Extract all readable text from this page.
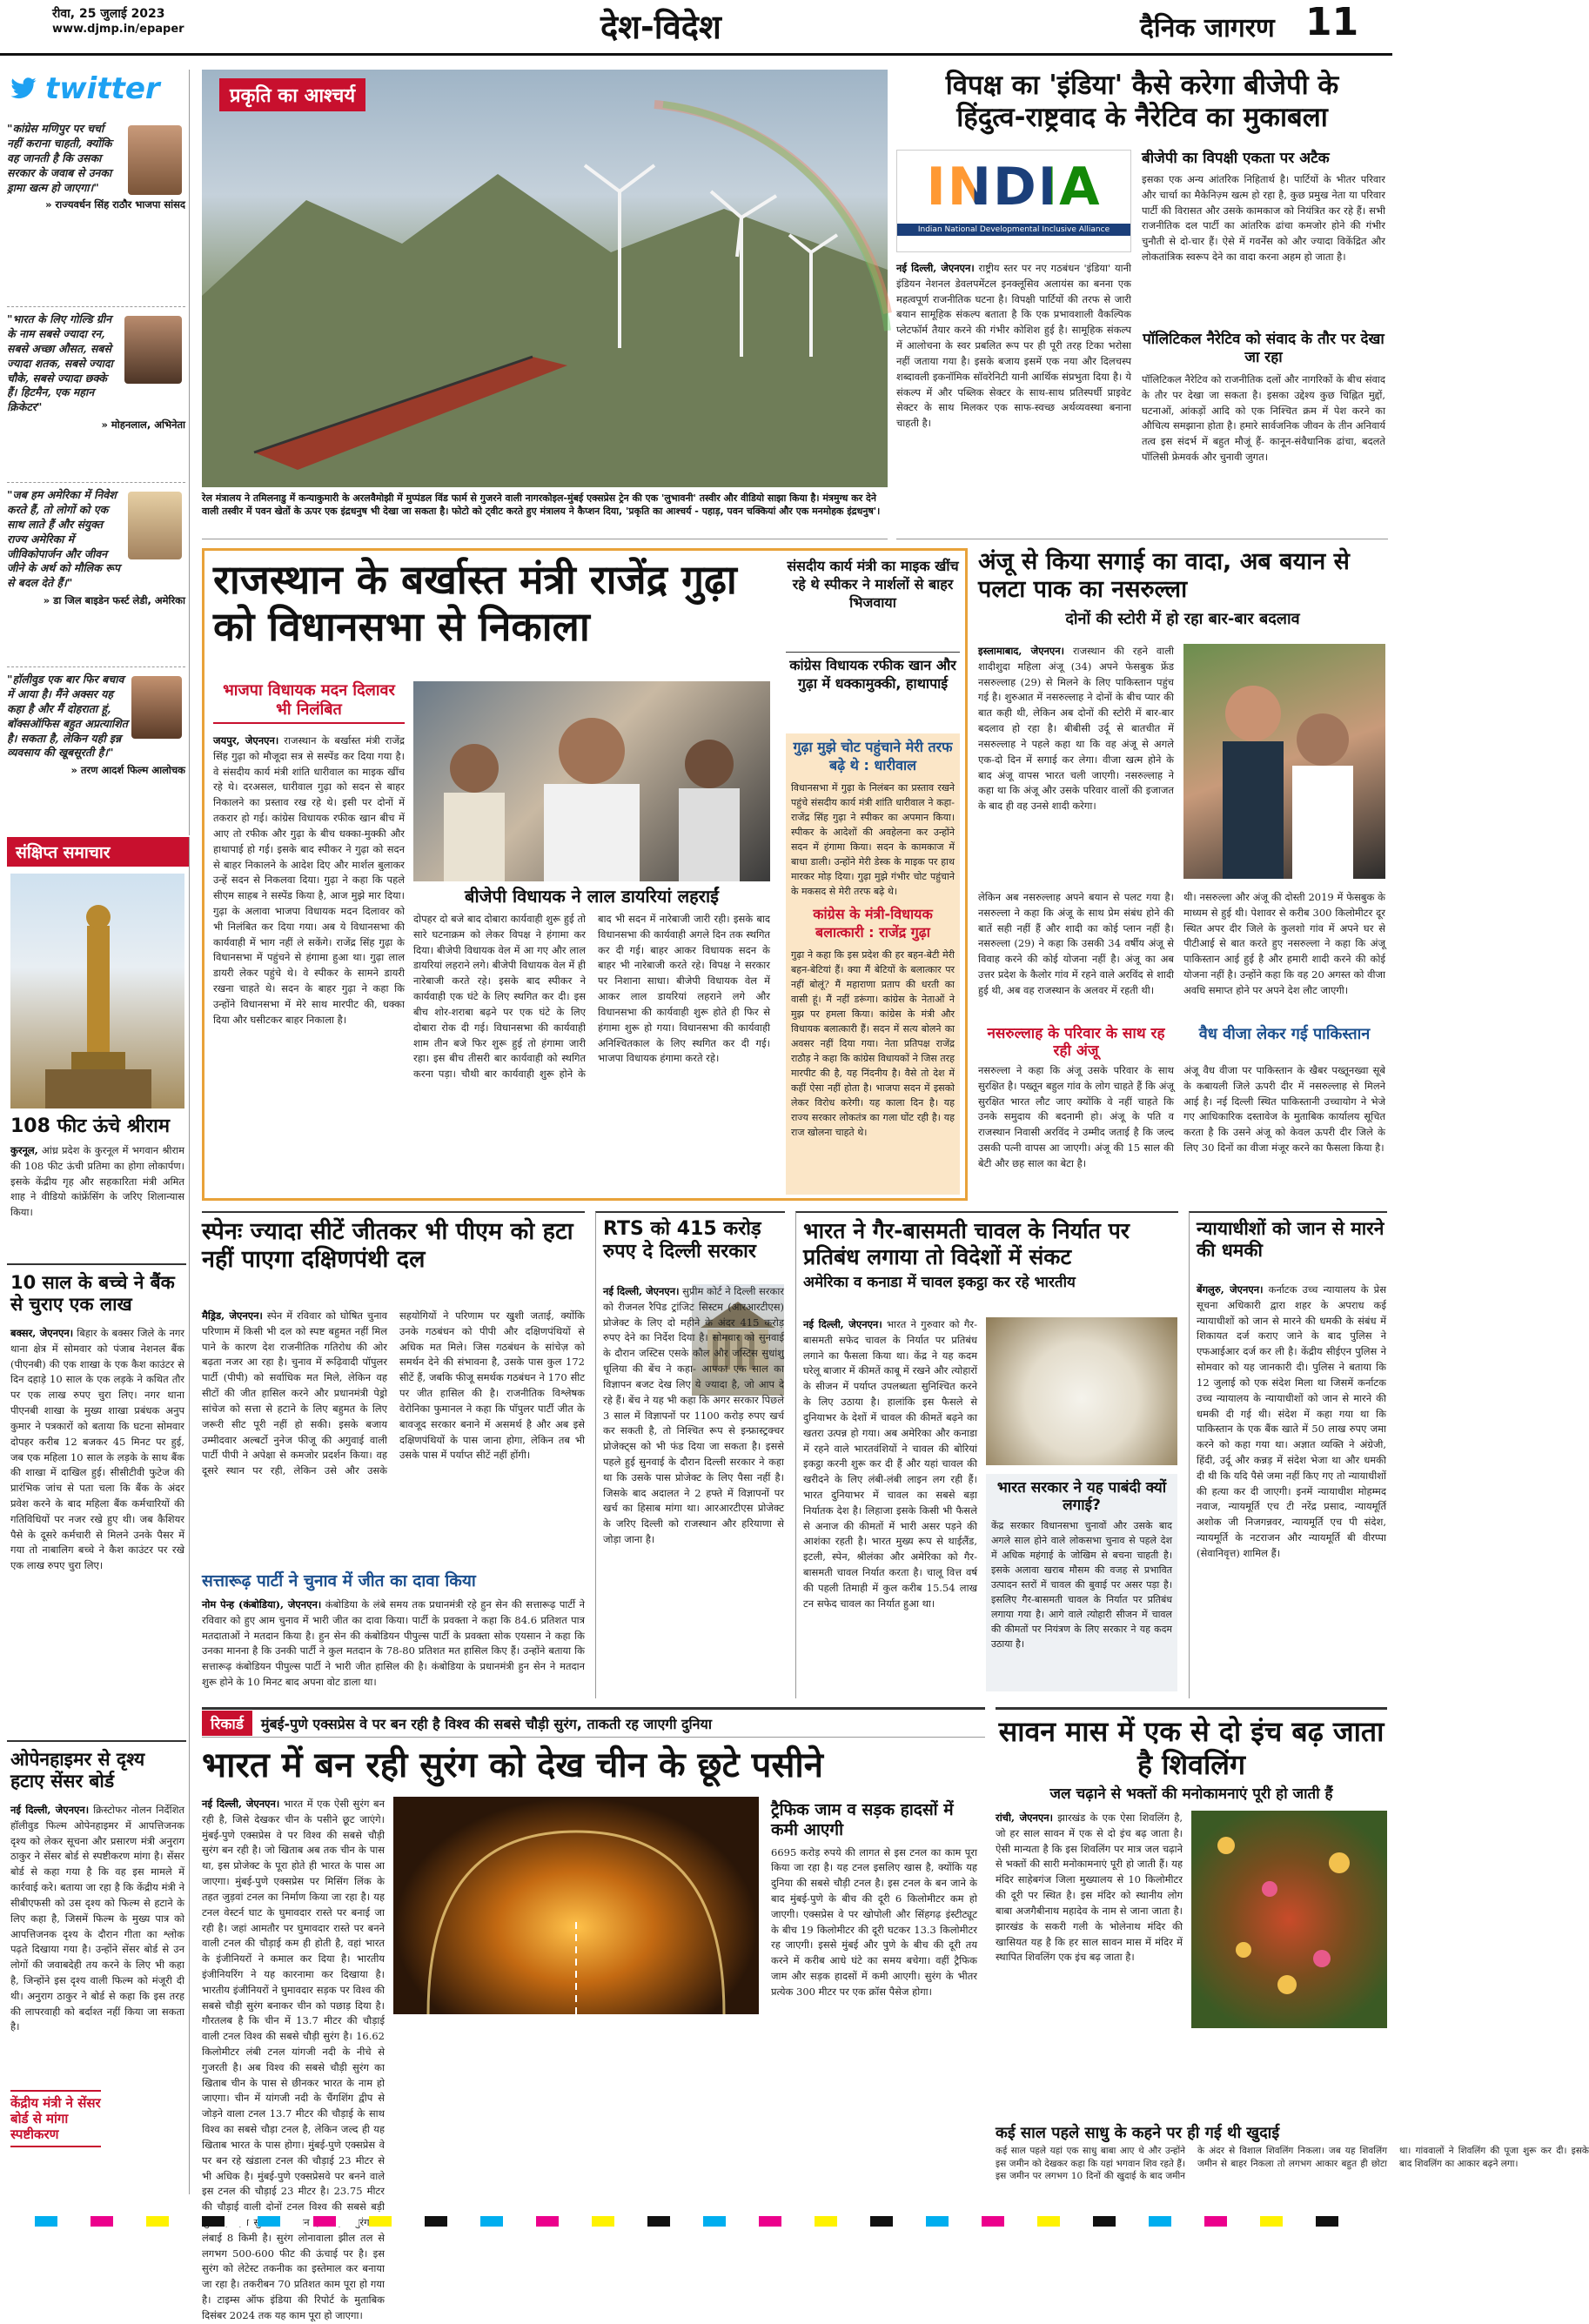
रीवा, 25 जुलाई 2023
www.djmp.in/epaper	देश-विदेश	दैनिक जागरण 11
twitter
"कांग्रेस मणिपुर पर चर्चा नहीं कराना चाहती, क्योंकि वह जानती है कि उसका सरकार के जवाब से उनका ड्रामा खत्म हो जाएगा।"
» राज्यवर्धन सिंह राठौर भाजपा सांसद
"भारत के लिए गोल्डि ग्रीन के नाम सबसे ज्यादा रन, सबसे अच्छा औसत, सबसे ज्यादा शतक, सबसे ज्यादा चौके, सबसे ज्यादा छक्के हैं। हिटमैन, एक महान क्रिकेटर"
» मोहनलाल, अभिनेता
"जब हम अमेरिका में निवेश करते हैं, तो लोगों को एक साथ लाते हैं और संयुक्त राज्य अमेरिका में जीविकोपार्जन और जीवन जीने के अर्थ को मौलिक रूप से बदल देते हैं।"
» डा जिल बाइडेन फर्स्ट लेडी, अमेरिका
"हॉलीवुड एक बार फिर बचाव में आया है। मैंने अक्सर यह कहा है और मैं दोहराता हूं, बॉक्सऑफिस बहुत अप्रत्याशित है। सकता है, लेकिन यही इन्न व्यवसाय की खूबसूरती है।"
» तरण आदर्श फिल्म आलोचक
संक्षिप्त समाचार
108 फीट ऊंचे श्रीराम
कुरनूल, आंध्र प्रदेश के कुरनूल में भगवान श्रीराम की 108 फीट ऊंची प्रतिमा का होगा लोकार्पण। इसके केंद्रीय गृह और सहकारिता मंत्री अमित शाह ने वीडियो कांफ्रेंसिंग के जरिए शिलान्यास किया।
10 साल के बच्चे ने बैंक से चुराए एक लाख
बक्सर, जेएनएन। बिहार के बक्सर जिले के नगर थाना क्षेत्र में सोमवार को पंजाब नेशनल बैंक (पीएनबी) की एक शाखा के एक कैश काउंटर से दिन दहाड़े 10 साल के एक लड़के ने कथित तौर पर एक लाख रुपए चुरा लिए। नगर थाना पीएनबी शाखा के मुख्य शाखा प्रबंधक अनुप कुमार ने पत्रकारों को बताया कि घटना सोमवार दोपहर करीब 12 बजकर 45 मिनट पर हुई, जब एक महिला 10 साल के लड़के के साथ बैंक की शाखा में दाखिल हुई। सीसीटीवी फुटेज की प्रारंभिक जांच से पता चला कि बैंक के अंदर प्रवेश करने के बाद महिला बैंक कर्मचारियों की गतिविधियों पर नजर रखे हुए थी। जब कैशियर पैसे के दूसरे कर्मचारी से मिलने उनके पैसर में गया तो नाबालिग बच्चे ने कैश काउंटर पर रखे एक लाख रुपए चुरा लिए।
ओपेनहाइमर से दृश्य हटाए सेंसर बोर्ड
नई दिल्ली, जेएनएन। क्रिस्टोफर नोलन निर्देशित हॉलीवुड फिल्म ओपेनहाइमर में आपत्तिजनक दृश्य को लेकर सूचना और प्रसारण मंत्री अनुराग ठाकुर ने सेंसर बोर्ड से स्पष्टीकरण मांगा है। सेंसर बोर्ड से कहा गया है कि वह इस मामले में कार्रवाई करे। बताया जा रहा है कि केंद्रीय मंत्री ने सीबीएफसी को उस दृश्य को फिल्म से हटाने के लिए कहा है, जिसमें फिल्म के मुख्य पात्र को आपत्तिजनक दृश्य के दौरान गीता का श्लोक पढ़ते दिखाया गया है। उन्होंने सेंसर बोर्ड से उन लोगों की जवाबदेही तय करने के लिए भी कहा है, जिन्होंने इस दृश्य वाली फिल्म को मंजूरी दी थी। अनुराग ठाकुर ने बोर्ड से कहा कि इस तरह की लापरवाही को बर्दाश्त नहीं किया जा सकता है।
केंद्रीय मंत्री ने सेंसर बोर्ड से मांगा स्पष्टीकरण
प्रकृति का आश्चर्य
रेल मंत्रालय ने तमिलनाडु में कन्याकुमारी के अरलवैमोझी में मुप्पंडल विंड फार्म से गुजरने वाली नागरकोइल-मुंबई एक्सप्रेस ट्रेन की एक 'लुभावनी' तस्वीर और वीडियो साझा किया है। मंत्रमुग्ध कर देने वाली तस्वीर में पवन खेतों के ऊपर एक इंद्रधनुष भी देखा जा सकता है। फोटो को ट्वीट करते हुए मंत्रालय ने कैप्शन दिया, 'प्रकृति का आश्चर्य - पहाड़, पवन चक्कियां और एक मनमोहक इंद्रधनुष'।
विपक्ष का 'इंडिया' कैसे करेगा बीजेपी के
हिंदुत्व-राष्ट्रवाद के नैरेटिव का मुकाबला
INDIA
Indian National Developmental Inclusive Alliance
नई दिल्ली, जेएनएन। राष्ट्रीय स्तर पर नए गठबंधन 'इंडिया' यानी इंडियन नेशनल डेवलपमेंटल इनक्लूसिव अलायंस का बनना एक महत्वपूर्ण राजनीतिक घटना है। विपक्षी पार्टियों की तरफ से जारी बयान सामूहिक संकल्प बताता है कि एक प्रभावशाली वैकल्पिक प्लेटफॉर्म तैयार करने की गंभीर कोशिश हुई है। सामूहिक संकल्प में आलोचना के स्वर प्रबलित रूप पर ही पूरी तरह टिका भरोसा नहीं जताया गया है। इसके बजाय इसमें एक नया और दिलचस्प शब्दावली इकनॉमिक सॉवरेनिटी यानी आर्थिक संप्रभुता दिया है। ये संकल्प में और पब्लिक सेक्टर के साथ-साथ प्रतिस्पर्धी प्राइवेट सेक्टर के साथ मिलकर एक साफ-स्वच्छ अर्थव्यवस्था बनाना चाहती है।
बीजेपी का विपक्षी एकता पर अटैक
इसका एक अन्य आंतरिक निहितार्थ है। पार्टियों के भीतर परिवार और चार्चा का मैकेनिज़्म खत्म हो रहा है, कुछ प्रमुख नेता या परिवार पार्टी की विरासत और उसके कामकाज को नियंत्रित कर रहे हैं। सभी राजनीतिक दल पार्टी का आंतरिक ढांचा कमजोर होने की गंभीर चुनौती से दो-चार हैं। ऐसे में गवर्नेंस को और ज्यादा विकेंद्रित और लोकतांत्रिक स्वरूप देने का वादा करना अहम हो जाता है।
पॉलिटिकल नैरेटिव को संवाद के तौर पर देखा जा रहा
पॉलिटिकल नैरेटिव को राजनीतिक दलों और नागरिकों के बीच संवाद के तौर पर देखा जा सकता है। इसका उद्देश्य कुछ चिह्नित मुद्दों, घटनाओं, आंकड़ों आदि को एक निश्चित क्रम में पेश करने का औचित्य समझाना होता है। हमारे सार्वजनिक जीवन के तीन अनिवार्य तत्व इस संदर्भ में बहुत मौजूं हैं- कानून-संवैधानिक ढांचा, बदलते पॉलिसी फ्रेमवर्क और चुनावी जुगत।
राजस्थान के बर्खास्त मंत्री राजेंद्र गुढ़ा को विधानसभा से निकाला
भाजपा विधायक मदन दिलावर भी निलंबित
जयपुर, जेएनएन। राजस्थान के बर्खास्त मंत्री राजेंद्र सिंह गुढ़ा को मौजूदा सत्र से सस्पेंड कर दिया गया है। वे संसदीय कार्य मंत्री शांति धारीवाल का माइक खींच रहे थे। दरअसल, धारीवाल गुढ़ा को सदन से बाहर निकालने का प्रस्ताव रख रहे थे। इसी पर दोनों में तकरार हो गई। कांग्रेस विधायक रफीक खान बीच में आए तो रफीक और गुढ़ा के बीच धक्का-मुक्की और हाथापाई हो गई। इसके बाद स्पीकर ने गुढ़ा को सदन से बाहर निकालने के आदेश दिए और मार्शल बुलाकर उन्हें सदन से निकलवा दिया। गुढ़ा ने कहा कि पहले सीएम साहब ने सस्पेंड किया है, आज मुझे मार दिया। गुढ़ा के अलावा भाजपा विधायक मदन दिलावर को भी निलंबित कर दिया गया। अब ये विधानसभा की कार्यवाही में भाग नहीं ले सकेंगे। राजेंद्र सिंह गुढ़ा के विधानसभा में पहुंचने से हंगामा हुआ था। गुढ़ा लाल डायरी लेकर पहुंचे थे। वे स्पीकर के सामने डायरी रखना चाहते थे। सदन के बाहर गुढ़ा ने कहा कि उन्होंने विधानसभा में मेरे साथ मारपीट की, धक्का दिया और घसीटकर बाहर निकाला है।
बीजेपी विधायक ने लाल डायरियां लहराईं
दोपहर दो बजे बाद दोबारा कार्यवाही शुरू हुई तो सारे घटनाक्रम को लेकर विपक्ष ने हंगामा कर दिया। बीजेपी विधायक वेल में आ गए और लाल डायरियां लहराने लगे। बीजेपी विधायक वेल में ही नारेबाजी करते रहे। इसके बाद स्पीकर ने कार्यवाही एक घंटे के लिए स्थगित कर दी। इस बीच शोर-शराबा बढ़ने पर एक घंटे के लिए दोबारा रोक दी गई। विधानसभा की कार्यवाही शाम तीन बजे फिर शुरू हुई तो हंगामा जारी रहा। इस बीच तीसरी बार कार्यवाही को स्थगित करना पड़ा। चौथी बार कार्यवाही शुरू होने के बाद भी सदन में नारेबाजी जारी रही। इसके बाद विधानसभा की कार्यवाही अगले दिन तक स्थगित कर दी गई। बाहर आकर विधायक सदन के बाहर भी नारेबाजी करते रहे। विपक्ष ने सरकार पर निशाना साधा। बीजेपी विधायक वेल में आकर लाल डायरियां लहराने लगे और विधानसभा की कार्यवाही शुरू होते ही फिर से हंगामा शुरू हो गया। विधानसभा की कार्यवाही अनिश्चितकाल के लिए स्थगित कर दी गई। भाजपा विधायक हंगामा करते रहे।
संसदीय कार्य मंत्री का माइक खींच रहे थे स्पीकर ने मार्शलों से बाहर भिजवाया
कांग्रेस विधायक रफीक खान और गुढ़ा में धक्कामुक्की, हाथापाई
गुढ़ा मुझे चोट पहुंचाने मेरी तरफ बढ़े थे : धारीवाल
विधानसभा में गुढ़ा के निलंबन का प्रस्ताव रखने पहुंचे संसदीय कार्य मंत्री शांति धारीवाल ने कहा- राजेंद्र सिंह गुढ़ा ने स्पीकर का अपमान किया। स्पीकर के आदेशों की अवहेलना कर उन्होंने सदन में हंगामा किया। सदन के कामकाज में बाधा डाली। उन्होंने मेरी डेस्क के माइक पर हाथ मारकर मोड़ दिया। गुढ़ा मुझे गंभीर चोट पहुंचाने के मकसद से मेरी तरफ बढ़े थे।
कांग्रेस के मंत्री-विधायक बलात्कारी : राजेंद्र गुढ़ा
गुढ़ा ने कहा कि इस प्रदेश की हर बहन-बेटी मेरी बहन-बेटियां हैं। क्या मैं बेटियों के बलात्कार पर नहीं बोलूं? मैं महाराणा प्रताप की धरती का वासी हूं। मैं नहीं डरूंगा। कांग्रेस के नेताओं ने मुझ पर हमला किया। कांग्रेस के मंत्री और विधायक बलात्कारी हैं। सदन में सत्य बोलने का अवसर नहीं दिया गया। नेता प्रतिपक्ष राजेंद्र राठौड़ ने कहा कि कांग्रेस विधायकों ने जिस तरह मारपीट की है, यह निंदनीय है। वैसे तो देश में कहीं ऐसा नहीं होता है। भाजपा सदन में इसको लेकर विरोध करेगी। यह काला दिन है। यह राज्य सरकार लोकतंत्र का गला घोंट रही है। यह राज खोलना चाहते थे।
अंजू से किया सगाई का वादा, अब बयान से पलटा पाक का नसरुल्ला
दोनों की स्टोरी में हो रहा बार-बार बदलाव
इस्लामाबाद, जेएनएन। राजस्थान की रहने वाली शादीशुदा महिला अंजू (34) अपने फेसबुक फ्रेंड नसरुल्लाह (29) से मिलने के लिए पाकिस्तान पहुंच गई है। शुरुआत में नसरुल्लाह ने दोनों के बीच प्यार की बात कही थी, लेकिन अब दोनों की स्टोरी में बार-बार बदलाव हो रहा है। बीबीसी उर्दू से बातचीत में नसरुल्लाह ने पहले कहा था कि वह अंजू से अगले एक-दो दिन में सगाई कर लेगा। वीजा खत्म होने के बाद अंजू वापस भारत चली जाएगी। नसरुल्लाह ने कहा था कि अंजू और उसके परिवार वालों की इजाजत के बाद ही वह उनसे शादी करेगा।
लेकिन अब नसरुल्लाह अपने बयान से पलट गया है। नसरुल्ला ने कहा कि अंजू के साथ प्रेम संबंध होने की बातें सही नहीं हैं और शादी का कोई प्लान नहीं है। नसरुल्ला (29) ने कहा कि उसकी 34 वर्षीय अंजू से विवाह करने की कोई योजना नहीं है। अंजू का अब उत्तर प्रदेश के कैलोर गांव में रहने वाले अरविंद से शादी हुई थी, अब वह राजस्थान के अलवर में रहती थी।
थी। नसरुल्ला और अंजू की दोस्ती 2019 में फेसबुक के माध्यम से हुई थी। पेशावर से करीब 300 किलोमीटर दूर स्थित अपर दीर जिले के कुलशो गांव में अपने घर से पीटीआई से बात करते हुए नसरुल्ला ने कहा कि अंजू पाकिस्तान आई हुई है और हमारी शादी करने की कोई योजना नहीं है। उन्होंने कहा कि वह 20 अगस्त को वीजा अवधि समाप्त होने पर अपने देश लौट जाएगी।
नसरुल्लाह के परिवार के साथ रह रही अंजू
नसरुल्ला ने कहा कि अंजू उसके परिवार के साथ सुरक्षित है। पख्तून बहुल गांव के लोग चाहते हैं कि अंजू सुरक्षित भारत लौट जाए क्योंकि वे नहीं चाहते कि उनके समुदाय की बदनामी हो। अंजू के पति व राजस्थान निवासी अरविंद ने उम्मीद जताई है कि जल्द उसकी पत्नी वापस आ जाएगी। अंजू की 15 साल की बेटी और छह साल का बेटा है।
वैध वीजा लेकर गई पाकिस्तान
अंजू वैध वीजा पर पाकिस्तान के खैबर पख्तूनख्वा सूबे के कबायली जिले ऊपरी दीर में नसरुल्लाह से मिलने आई है। नई दिल्ली स्थित पाकिस्तानी उच्चायोग ने भेजे गए आधिकारिक दस्तावेज के मुताबिक कार्यालय सूचित करता है कि उसने अंजू को केवल ऊपरी दीर जिले के लिए 30 दिनों का वीजा मंजूर करने का फैसला किया है।
स्पेनः ज्यादा सीटें जीतकर भी पीएम को हटा नहीं पाएगा दक्षिणपंथी दल
मैड्रिड, जेएनएन। स्पेन में रविवार को घोषित चुनाव परिणाम में किसी भी दल को स्पष्ट बहुमत नहीं मिल पाने के कारण देश राजनीतिक गतिरोध की ओर बढ़ता नजर आ रहा है। चुनाव में रूढ़िवादी पॉपुलर पार्टी (पीपी) को सर्वाधिक मत मिले, लेकिन वह सीटों की जीत हासिल करने और प्रधानमंत्री पेड्रो सांचेज को सत्ता से हटाने के लिए बहुमत के लिए जरूरी सीट पूरी नहीं हो सकी। इसके बजाय उम्मीदवार अल्बर्टो नुनेज फीजू की अगुवाई वाली पार्टी पीपी ने अपेक्षा से कमजोर प्रदर्शन किया। वह दूसरे स्थान पर रही, लेकिन उसे और उसके सहयोगियों ने परिणाम पर खुशी जताई, क्योंकि उनके गठबंधन को पीपी और दक्षिणपंथियों से अधिक मत मिले। जिस गठबंधन के सांचेज़ को समर्थन देने की संभावना है, उसके पास कुल 172 सीटें हैं, जबकि फीजू समर्थक गठबंधन ने 170 सीट पर जीत हासिल की है। राजनीतिक विश्लेषक वेरोनिका फुमानल ने कहा कि पॉपुलर पार्टी जीत के बावजूद सरकार बनाने में असमर्थ है और अब इसे दक्षिणपंथियों के पास जाना होगा, लेकिन तब भी उसके पास में पर्याप्त सीटें नहीं होंगी।
सत्तारूढ़ पार्टी ने चुनाव में जीत का दावा किया
नोम पेन्ह (कंबोडिया), जेएनएन। कंबोडिया के लंबे समय तक प्रधानमंत्री रहे हुन सेन की सत्तारूढ़ पार्टी ने रविवार को हुए आम चुनाव में भारी जीत का दावा किया। पार्टी के प्रवक्ता ने कहा कि 84.6 प्रतिशत पात्र मतदाताओं ने मतदान किया है। हुन सेन की कंबोडियन पीपुल्स पार्टी के प्रवक्ता सोक एयसान ने कहा कि उनका मानना है कि उनकी पार्टी ने कुल मतदान के 78-80 प्रतिशत मत हासिल किए हैं। उन्होंने बताया कि सत्तारूढ़ कंबोडियन पीपुल्स पार्टी ने भारी जीत हासिल की है। कंबोडिया के प्रधानमंत्री हुन सेन ने मतदान शुरू होने के 10 मिनट बाद अपना वोट डाला था।
RTS को 415 करोड़ रुपए दे दिल्ली सरकार
नई दिल्ली, जेएनएन। सुप्रीम कोर्ट ने दिल्ली सरकार को रीजनल रैपिड ट्रांजिट सिस्टम (आरआरटीएस) प्रोजेक्ट के लिए दो महीने के अंदर 415 करोड़ रुपए देने का निर्देश दिया है। सोमवार को सुनवाई के दौरान जस्टिस एसके कौल और जस्टिस सुधांशु धूलिया की बेंच ने कहा- आपका एक साल का विज्ञापन बजट देख लिए ये ज्यादा है, जो आप दे रहे हैं। बेंच ने यह भी कहा कि अगर सरकार पिछले 3 साल में विज्ञापनों पर 1100 करोड़ रुपए खर्च कर सकती है, तो निश्चित रूप से इन्फ्रास्ट्रक्चर प्रोजेक्ट्स को भी फंड दिया जा सकता है। इससे पहले हुई सुनवाई के दौरान दिल्ली सरकार ने कहा था कि उसके पास प्रोजेक्ट के लिए पैसा नहीं है। जिसके बाद अदालत ने 2 हफ्ते में विज्ञापनों पर खर्च का हिसाब मांगा था। आरआरटीएस प्रोजेक्ट के जरिए दिल्ली को राजस्थान और हरियाणा से जोड़ा जाना है।
भारत ने गैर-बासमती चावल के निर्यात पर प्रतिबंध लगाया तो विदेशों में संकट
अमेरिका व कनाडा में चावल इकट्ठा कर रहे भारतीय
नई दिल्ली, जेएनएन। भारत ने गुरुवार को गैर-बासमती सफेद चावल के निर्यात पर प्रतिबंध लगाने का फैसला किया था। केंद्र ने यह कदम घरेलू बाजार में कीमतें काबू में रखने और त्योहारों के सीजन में पर्याप्त उपलब्धता सुनिश्चित करने के लिए उठाया है। हालांकि इस फैसले से दुनियाभर के देशों में चावल की कीमतें बढ़ने का खतरा उत्पन्न हो गया। अब अमेरिका और कनाडा में रहने वाले भारतवंशियों ने चावल की बोरियां इकट्ठा करनी शुरू कर दी हैं और यहां चावल की खरीदने के लिए लंबी-लंबी लाइन लग रही हैं। भारत दुनियाभर में चावल का सबसे बड़ा निर्यातक देश है। लिहाजा इसके किसी भी फैसले से अनाज की कीमतों में भारी असर पड़ने की आशंका रहती है। भारत मुख्य रूप से थाईलैंड, इटली, स्पेन, श्रीलंका और अमेरिका को गैर-बासमती चावल निर्यात करता है। चालू वित्त वर्ष की पहली तिमाही में कुल करीब 15.54 लाख टन सफेद चावल का निर्यात हुआ था।
भारत सरकार ने यह पाबंदी क्यों लगाई?
केंद्र सरकार विधानसभा चुनावों और उसके बाद अगले साल होने वाले लोकसभा चुनाव से पहले देश में अधिक महंगाई के जोखिम से बचना चाहती है। इसके अलावा खराब मौसम की वजह से प्रभावित उत्पादन स्तरों में चावल की बुवाई पर असर पड़ा है। इसलिए गैर-बासमती चावल के निर्यात पर प्रतिबंध लगाया गया है। आगे वाले त्योहारी सीजन में चावल की कीमतों पर नियंत्रण के लिए सरकार ने यह कदम उठाया है।
न्यायाधीशों को जान से मारने की धमकी
बेंगलुरु, जेएनएन। कर्नाटक उच्च न्यायालय के प्रेस सूचना अधिकारी द्वारा शहर के अपराध कई न्यायाधीशों को जान से मारने की धमकी के संबंध में शिकायत दर्ज कराए जाने के बाद पुलिस ने एफआईआर दर्ज कर ली है। केंद्रीय सीईएन पुलिस ने सोमवार को यह जानकारी दी। पुलिस ने बताया कि 12 जुलाई को एक संदेश मिला था जिसमें कर्नाटक उच्च न्यायालय के न्यायाधीशों को जान से मारने की धमकी दी गई थी। संदेश में कहा गया था कि पाकिस्तान के एक बैंक खाते में 50 लाख रुपए जमा करने को कहा गया था। अज्ञात व्यक्ति ने अंग्रेजी, हिंदी, उर्दू और कन्नड़ में संदेश भेजा था और धमकी दी थी कि यदि पैसे जमा नहीं किए गए तो न्यायाधीशों की हत्या कर दी जाएगी। इनमें न्यायाधीश मोहम्मद नवाज, न्यायमूर्ति एच टी नरेंद्र प्रसाद, न्यायमूर्ति अशोक जी निजगन्नवर, न्यायमूर्ति एच पी संदेश, न्यायमूर्ति के नटराजन और न्यायमूर्ति बी वीरप्पा (सेवानिवृत्त) शामिल हैं।
रिकार्ड	मुंबई-पुणे एक्सप्रेस वे पर बन रही है विश्व की सबसे चौड़ी सुरंग, ताकती रह जाएगी दुनिया
भारत में बन रही सुरंग को देख चीन के छूटे पसीने
ट्रैफिक जाम व सड़क हादसों में कमी आएगी
6695 करोड़ रुपये की लागत से इस टनल का काम पूरा किया जा रहा है। यह टनल इसलिए खास है, क्योंकि यह दुनिया की सबसे चौड़ी टनल है। इस टनल के बन जाने के बाद मुंबई-पुणे के बीच की दूरी 6 किलोमीटर कम हो जाएगी। एक्सप्रेस वे पर खोपोली और सिंहगढ़ इंस्टीट्यूट के बीच 19 किलोमीटर की दूरी घटकर 13.3 किलोमीटर रह जाएगी। इससे मुंबई और पुणे के बीच की दूरी तय करने में करीब आधे घंटे का समय बचेगा। वहीं ट्रैफिक जाम और सड़क हादसों में कमी आएगी। सुरंग के भीतर प्रत्येक 300 मीटर पर एक क्रॉस पैसेज होगा।
नई दिल्ली, जेएनएन। भारत में एक ऐसी सुरंग बन रही है, जिसे देखकर चीन के पसीने छूट जाएंगे। मुंबई-पुणे एक्सप्रेस वे पर विश्व की सबसे चौड़ी सुरंग बन रही है। जो खिताब अब तक चीन के पास था, इस प्रोजेक्ट के पूरा होते ही भारत के पास आ जाएगा। मुंबई-पुणे एक्सप्रेस पर मिसिंग लिंक के तहत जुड़वां टनल का निर्माण किया जा रहा है। यह टनल वेस्टर्न घाट के घुमावदार रास्ते पर बनाई जा रही है। जहां आमतौर पर घुमावदार रास्ते पर बनने वाली टनल की चौड़ाई कम ही होती है, वहां भारत के इंजीनियरों ने कमाल कर दिया है। भारतीय इंजीनियरिंग ने यह कारनामा कर दिखाया है। भारतीय इंजीनियरों ने घुमावदार सड़क पर विश्व की सबसे चौड़ी सुरंग बनाकर चीन को पछाड़ दिया है। गौरतलब है कि चीन में 13.7 मीटर की चौड़ाई वाली टनल विश्व की सबसे चौड़ी सुरंग है। 16.62 किलोमीटर लंबी टनल यांगजी नदी के नीचे से गुजरती है। अब विश्व की सबसे चौड़ी सुरंग का खिताब चीन के पास से छीनकर भारत के नाम हो जाएगा। चीन में यांगजी नदी के चैंगशिंग द्वीप से जोड़ने वाला टनल 13.7 मीटर की चौड़ाई के साथ विश्व का सबसे चौड़ा टनल है, लेकिन जल्द ही यह खिताब भारत के पास होगा। मुंबई-पुणे एक्सप्रेस वे पर बन रहे खंडाला टनल की चौड़ाई 23 मीटर से भी अधिक है। मुंबई-पुणे एक्सप्रेसवे पर बनने वाले इस टनल की चौड़ाई 23 मीटर है। 23.75 मीटर की चौड़ाई वाली दोनों टनल विश्व की सबसे बड़ी लेन सुरंग लंबाई 8 किमी है। सुरंग लोनावाला झील तल से लगभग 500-600 फीट की ऊंचाई पर है। इस सुरंग को लेटेस्ट तकनीक का इस्तेमाल कर बनाया जा रहा है। तकरीबन 70 प्रतिशत काम पूरा हो गया है। टाइम्स ऑफ इंडिया की रिपोर्ट के मुताबिक दिसंबर 2024 तक यह काम पूरा हो जाएगा।
सावन मास में एक से दो इंच बढ़ जाता है शिवलिंग
जल चढ़ाने से भक्तों की मनोकामनाएं पूरी हो जाती हैं
रांची, जेएनएन। झारखंड के एक ऐसा शिवलिंग है, जो हर साल सावन में एक से दो इंच बढ़ जाता है। ऐसी मान्यता है कि इस शिवलिंग पर मात्र जल चढ़ाने से भक्तों की सारी मनोकामनाएं पूरी हो जाती हैं। यह मंदिर साहेबगंज जिला मुख्यालय से 10 किलोमीटर की दूरी पर स्थित है। इस मंदिर को स्थानीय लोग बाबा अजगैबीनाथ महादेव के नाम से जाना जाता है। झारखंड के सकरी गली के भोलेनाथ मंदिर की खासियत यह है कि हर साल सावन मास में मंदिर में स्थापित शिवलिंग एक इंच बढ़ जाता है।
कई साल पहले साधु के कहने पर ही गई थी खुदाई
कई साल पहले यहां एक साधु बाबा आए थे और उन्होंने इस जमीन को देखकर कहा कि यहां भगवान शिव रहते हैं। इस जमीन पर लगभग 10 दिनों की खुदाई के बाद जमीन के अंदर से विशाल शिवलिंग निकला। जब यह शिवलिंग जमीन से बाहर निकला तो लगभग आकार बहुत ही छोटा था। गांववालों ने शिवलिंग की पूजा शुरू कर दी। इसके बाद शिवलिंग का आकार बढ़ने लगा।
